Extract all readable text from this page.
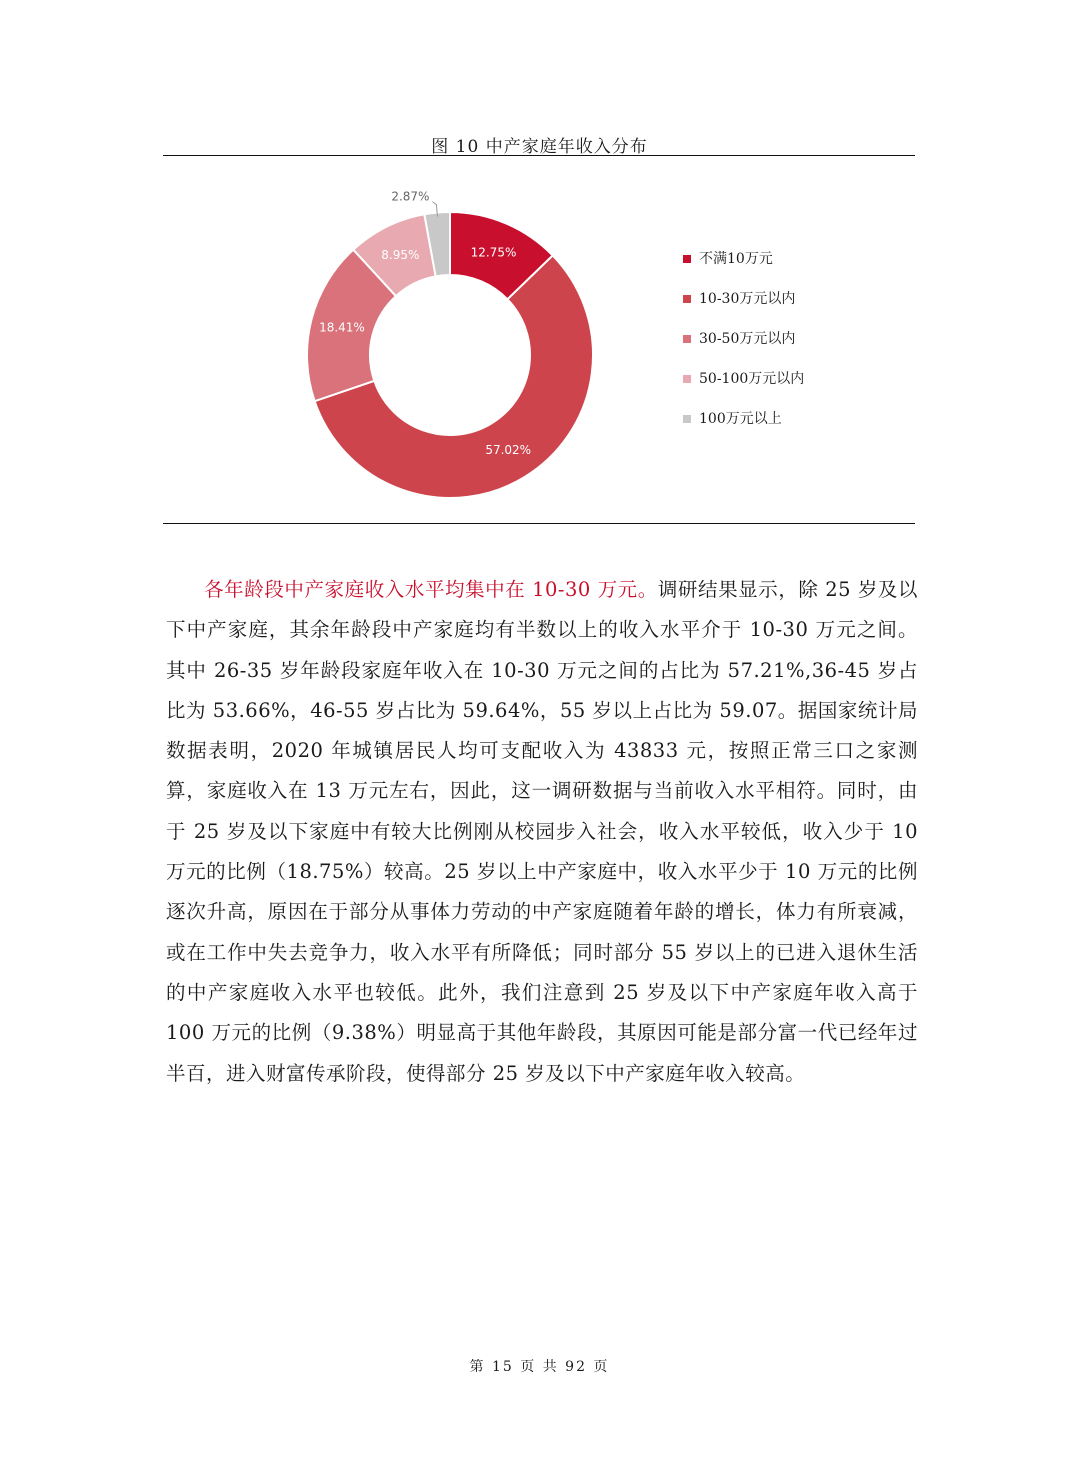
图 10 中产家庭年收入分布
12.75%
57.02%
18.41%
8.95%
2.87%
不满10万元
10-30万元以内
30-50万元以内
50-100万元以内
100万元以上
各年龄段中产家庭收入水平均集中在 10-30 万元。调研结果显示，除 25 岁及以下中产家庭，其余年龄段中产家庭均有半数以上的收入水平介于 10-30 万元之间。其中 26-35 岁年龄段家庭年收入在 10-30 万元之间的占比为 57.21%,36-45 岁占比为 53.66%，46-55 岁占比为 59.64%，55 岁以上占比为 59.07。据国家统计局数据表明，2020 年城镇居民人均可支配收入为 43833 元，按照正常三口之家测算，家庭收入在 13 万元左右，因此，这一调研数据与当前收入水平相符。同时，由于 25 岁及以下家庭中有较大比例刚从校园步入社会，收入水平较低，收入少于 10 万元的比例（18.75%）较高。25 岁以上中产家庭中，收入水平少于 10 万元的比例逐次升高，原因在于部分从事体力劳动的中产家庭随着年龄的增长，体力有所衰减，或在工作中失去竞争力，收入水平有所降低；同时部分 55 岁以上的已进入退休生活的中产家庭收入水平也较低。此外，我们注意到 25 岁及以下中产家庭年收入高于 100 万元的比例（9.38%）明显高于其他年龄段，其原因可能是部分富一代已经年过半百，进入财富传承阶段，使得部分 25 岁及以下中产家庭年收入较高。
第 15 页 共 92 页
